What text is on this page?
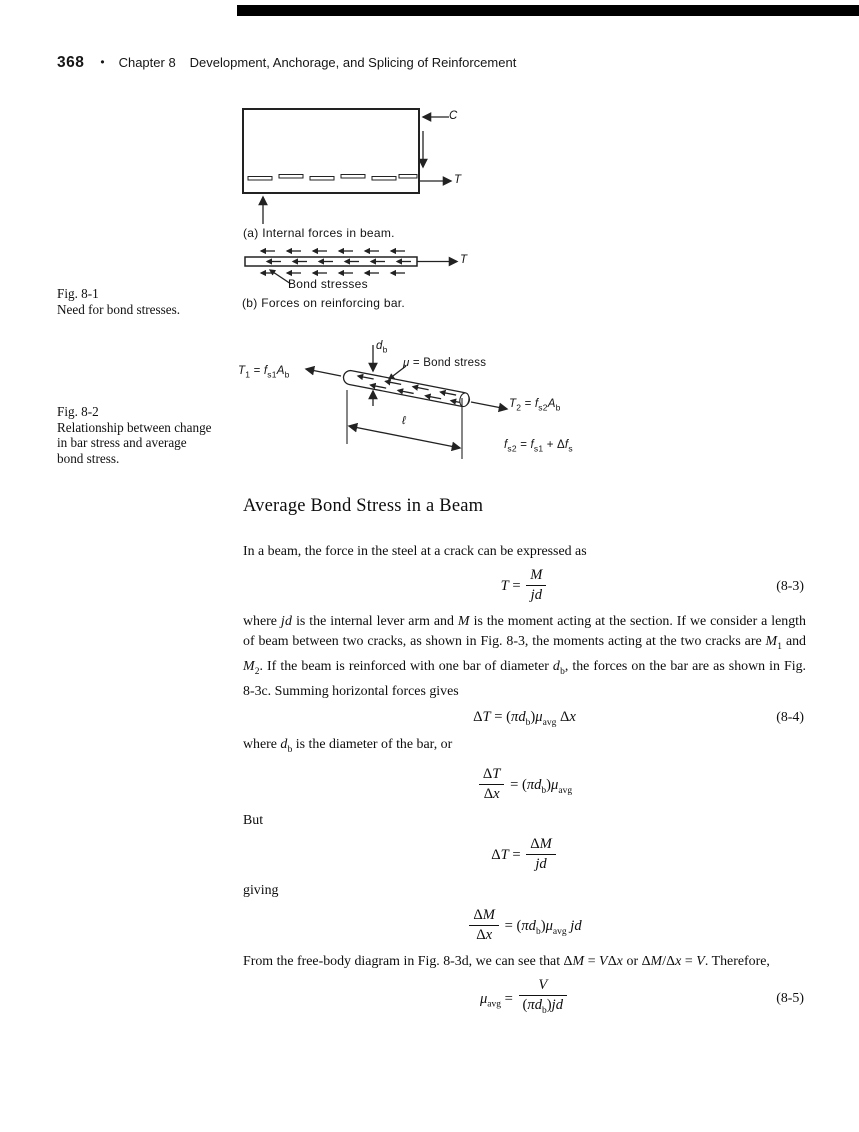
368 • Chapter 8 Development, Anchorage, and Splicing of Reinforcement
C
T
(a) Internal forces in beam.
T
Bond stresses
(b) Forces on reinforcing bar.
Fig. 8-1
Need for bond stresses.
$T_1 = f_{s1}A_b$
$d_b$
μ = Bond stress
$T_2 = f_{s2}A_b$
ℓ
$f_{s2} = f_{s1} + \Delta f_s$
Fig. 8-2
Relationship between change
in bar stress and average
bond stress.
Average Bond Stress in a Beam

In a beam, the force in the steel at a crack can be expressed as

$T = \frac{M}{jd}$	(8-3)

where jd is the internal lever arm and M is the moment acting at the section. If we consider a length of beam between two cracks, as shown in Fig. 8-3, the moments acting at the two cracks are $M_1$ and $M_2$. If the beam is reinforced with one bar of diameter $d_b$, the forces on the bar are as shown in Fig. 8-3c. Summing horizontal forces gives

$\Delta T = (\pi d_b)\mu_{avg}$ Δx	(8-4)

where $d_b$ is the diameter of the bar, or

$\frac{\Delta T}{\Delta x} = (\pi d_b)\mu_{avg}$

But

$\Delta T = \frac{\Delta M}{jd}$

giving

$\frac{\Delta M}{\Delta x} = (\pi d_b)\mu_{avg}$ jd

From the free-body diagram in Fig. 8-3d, we can see that ΔM = VΔx or ΔM/Δx = V. Therefore,

$\mu_{avg} = \frac{V}{(\pi d_b)jd}$	(8-5)
